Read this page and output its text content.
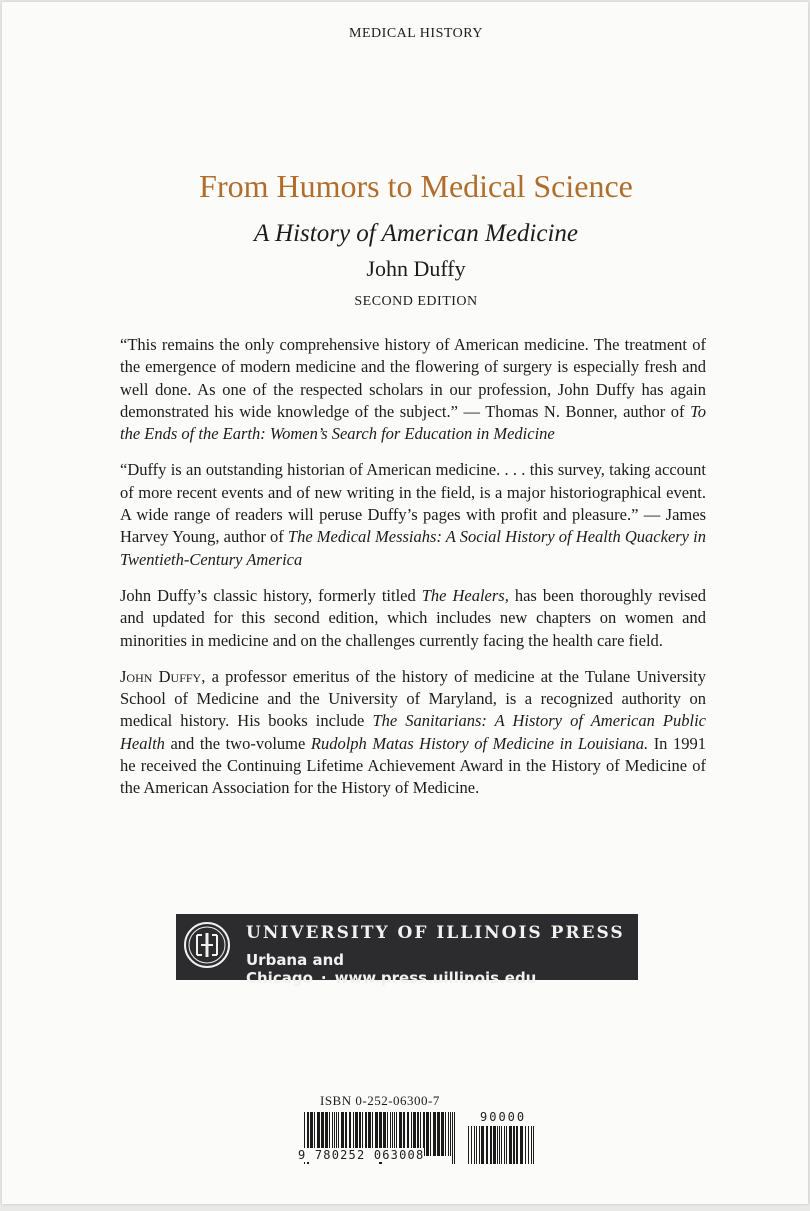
MEDICAL HISTORY
From Humors to Medical Science
A History of American Medicine
John Duffy
SECOND EDITION

“This remains the only comprehensive history of American medicine. The treatment of the emergence of modern medicine and the flowering of surgery is especially fresh and well done. As one of the respected scholars in our profession, John Duffy has again demonstrated his wide knowledge of the subject.” — Thomas N. Bonner, author of To the Ends of the Earth: Women’s Search for Education in Medicine

“Duffy is an outstanding historian of American medicine. . . . this survey, taking account of more recent events and of new writing in the field, is a major historiographical event. A wide range of readers will peruse Duffy’s pages with profit and pleasure.” — James Harvey Young, author of The Medical Messiahs: A Social History of Health Quackery in Twentieth-Century America

John Duffy’s classic history, formerly titled The Healers, has been thoroughly revised and updated for this second edition, which includes new chapters on women and minorities in medicine and on the challenges currently facing the health care field.

John Duffy, a professor emeritus of the history of medicine at the Tulane University School of Medicine and the University of Maryland, is a recognized authority on medical history. His books include The Sanitarians: A History of American Public Health and the two-volume Rudolph Matas History of Medicine in Louisiana. In 1991 he received the Continuing Lifetime Achievement Award in the History of Medicine of the American Association for the History of Medicine.

UNIVERSITY OF ILLINOIS PRESS
Urbana and Chicago · www.press.uillinois.edu
ISBN 0-252-06300-7
9 780252 063008
90000
